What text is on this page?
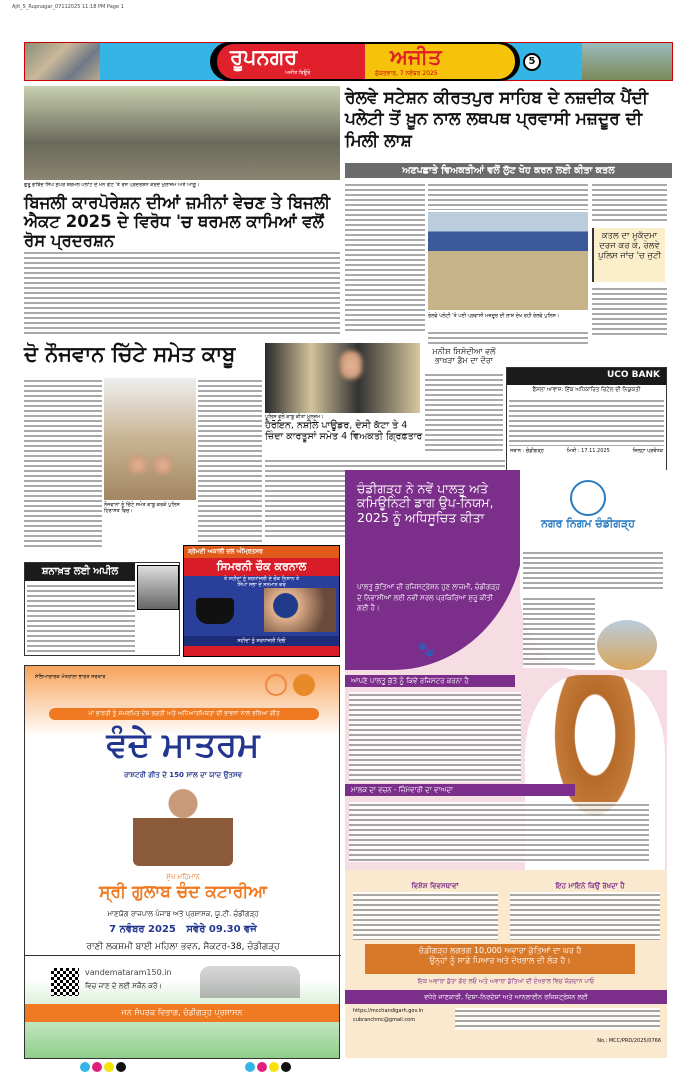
Ajit_5_Rupnagar_07112025 11:18 PM Page 1
ਰੂਪਨਗਰ
ਅਜੀਤ ਬਿਊਰੋ
ਅਜੀਤ
ਸ਼ੁੱਕਰਵਾਰ, 7 ਨਵੰਬਰ 2025
5
ਗੁਰੂ ਗੋਬਿੰਦ ਸਿੰਘ ਸੁਪਰ ਥਰਮਲ ਪਲਾਂਟ ਦੇ ਮੇਨ ਗੇਟ 'ਤੇ ਰੋਸ ਪ੍ਰਦਰਸ਼ਨ ਕਰਦੇ ਮੁਲਾਜ਼ਮ ਅਤੇ ਆਗੂ।
ਬਿਜਲੀ ਕਾਰਪੋਰੇਸ਼ਨ ਦੀਆਂ ਜ਼ਮੀਨਾਂ ਵੇਚਣ ਤੇ ਬਿਜਲੀ ਐਕਟ 2025 ਦੇ ਵਿਰੋਧ 'ਚ ਥਰਮਲ ਕਾਮਿਆਂ ਵਲੋਂ ਰੋਸ ਪ੍ਰਦਰਸ਼ਨ
ਰੇਲਵੇ ਸਟੇਸ਼ਨ ਕੀਰਤਪੁਰ ਸਾਹਿਬ ਦੇ ਨਜ਼ਦੀਕ ਪੈਂਦੀ ਪਲੇਟੀ ਤੋਂ ਖ਼ੂਨ ਨਾਲ ਲਥਪਥ ਪ੍ਰਵਾਸੀ ਮਜ਼ਦੂਰ ਦੀ ਮਿਲੀ ਲਾਸ਼
ਅਣਪਛਾਤੇ ਵਿਅਕਤੀਆਂ ਵਲੋਂ ਲੁੱਟ ਖੋਹ ਕਰਨ ਲਈ ਕੀਤਾ ਕਤਲ
ਰੇਲਵੇ ਪਲੇਟੀ 'ਤੇ ਪਈ ਪ੍ਰਵਾਸੀ ਮਜ਼ਦੂਰ ਦੀ ਲਾਸ਼ ਦੇਖ ਰਹੀ ਰੇਲਵੇ ਪੁਲਿਸ।
ਕਤਲ ਦਾ ਮੁਕੱਦਮਾ ਦਰਜ ਕਰ ਕੇ, ਰੇਲਵੇ ਪੁਲਿਸ ਜਾਂਚ 'ਚ ਜੁਟੀ
ਦੋ ਨੌਜਵਾਨ ਚਿੱਟੇ ਸਮੇਤ ਕਾਬੂ
ਨੌਜਵਾਨਾਂ ਨੂੰ ਚਿੱਟੇ ਸਮੇਤ ਕਾਬੂ ਕਰਕੇ ਪੁਲਿਸ ਹਿਰਾਸਤ ਵਿਚ।
ਪੁਲਿਸ ਵਲੋਂ ਕਾਬੂ ਕੀਤਾ ਮੁਲਜ਼ਮ।
ਹੈਰੋਇਨ, ਨਸ਼ੀਲੇ ਪਾਊਡਰ, ਦੇਸੀ ਕੱਟਾ ਤੇ 4 ਜ਼ਿੰਦਾ ਕਾਰਤੂਸਾਂ ਸਮੇਤ 4 ਵਿਅਕਤੀ ਗ੍ਰਿਫ਼ਤਾਰ
ਮਨੀਸ਼ ਸਿਸੋਦੀਆ ਵਲੋਂ ਭਾਖੜਾ ਡੈਮ ਦਾ ਦੌਰਾ
UCO BANK
ਫੈਸਲਾ ਆਵਾਜ਼: ਇੱਕ ਅਧਿਕਾਰਿਤ ਰਿਟੇਲ ਦੀ ਨਿਯੁਕਤੀ
ਸਥਾਨ : ਚੰਡੀਗੜ੍ਹ	ਮਿਤੀ : 17.11.2025	ਜ਼ਿਲ੍ਹਾ ਪ੍ਰਬੰਧਕ
ਸ਼ਨਾਖ਼ਤ ਲਈ ਅਪੀਲ
ਸ਼੍ਰੋਮਣੀ ਅਕਾਲੀ ਦਲ ਅੰਮ੍ਰਿਤਸਰ
ਸਿਮਰਨੀ ਚੌਕ ਕਰਨਾਲ
ਤੇ ਸ਼ਹੀਦਾਂ ਨੂੰ ਸ਼ਰਧਾਂਜਲੀ ਦੇ ਚੌਕ ਨਿਸ਼ਾਨ ਤੇ
ਸਿੰਘਾਂ ਸਭਾ ਦੇ ਸਨਮਾਨ ਕਰੋ
ਸ਼ਹੀਦਾਂ ਨੂੰ ਸ਼ਰਧਾਂਜਲੀ ਦਿਓ
ਸੱਭਿਆਚਾਰਕ ਮੰਤਰਾਲਾ ਭਾਰਤ ਸਰਕਾਰ
ਮਾਂ ਭਾਰਤੀ ਨੂੰ ਸਮਰਪਿਤ ਦੇਸ਼ ਭਗਤੀ ਅਤੇ ਅਧਿਆਤਮਿਕਤਾ ਦੀ ਭਾਵਨਾ ਨਾਲ ਭਰਿਆ ਗੀਤ
ਵੰਦੇ ਮਾਤਰਮ
ਰਾਸ਼ਟਰੀ ਗੀਤ ਦੇ 150 ਸਾਲ ਦਾ ਯਾਦ ਉਤਸਵ
ਮੁੱਖ ਮਹਿਮਾਨ
ਸ੍ਰੀ ਗੁਲਾਬ ਚੰਦ ਕਟਾਰੀਆ
ਮਾਣਯੋਗ ਰਾਜਪਾਲ ਪੰਜਾਬ ਅਤੇ ਪ੍ਰਸ਼ਾਸਕ, ਯੂ.ਟੀ. ਚੰਡੀਗੜ੍ਹ
7 ਨਵੰਬਰ 2025   ਸਵੇਰੇ 09.30 ਵਜੇ
ਰਾਣੀ ਲਕਸ਼ਮੀ ਬਾਈ ਮਹਿਲਾ ਭਵਨ, ਸੈਕਟਰ-38, ਚੰਡੀਗੜ੍ਹ
vandemataram150.in
ਵਿਚ ਜਾਣ ਦੇ ਲਈ ਸਕੈਨ ਕਰੋ।
ਜਨ ਸੰਪਰਕ ਵਿਭਾਗ, ਚੰਡੀਗੜ੍ਹ ਪ੍ਰਸ਼ਾਸਨ
ਚੰਡੀਗੜ੍ਹ ਨੇ ਨਵੇਂ ਪਾਲਤੂ ਅਤੇ ਕਮਿਊਨਿਟੀ ਡਾਗ ਉਪ-ਨਿਯਮ, 2025 ਨੂੰ ਅਧਿਸੂਚਿਤ ਕੀਤਾ
ਪਾਲਤੂ ਕੁੱਤਿਆਂ ਦੀ ਰਜਿਸਟ੍ਰੇਸ਼ਨ ਹੁਣ ਲਾਜ਼ਮੀ, ਚੰਡੀਗੜ੍ਹ ਦੇ ਨਿਵਾਸੀਆਂ ਲਈ ਨਵੀਂ ਸਰਲ ਪ੍ਰਕਿਰਿਆ ਸ਼ੁਰੂ ਕੀਤੀ ਗਈ ਹੈ।
ਨਗਰ ਨਿਗਮ ਚੰਡੀਗੜ੍ਹ
🐾
ਆਪਣੇ ਪਾਲਤੂ ਕੁੱਤੇ ਨੂੰ ਕਿਵੇਂ ਰਜਿਸਟਰ ਕਰਨਾ ਹੈ
ਮਾਲਕ ਦਾ ਵਚਨ - ਜ਼ਿੰਮੇਵਾਰੀ ਦਾ ਵਾਅਦਾ
ਵਿਸ਼ੇਸ਼ ਵਿਵਸਥਾਵਾਂ	ਇਹ ਮਾਇਨੇ ਕਿਉਂ ਰੱਖਦਾ ਹੈ
ਚੰਡੀਗੜ੍ਹ ਲਗਭਗ 10,000 ਅਵਾਰਾ ਕੁੱਤਿਆਂ ਦਾ ਘਰ ਹੈ
ਉਨ੍ਹਾਂ ਨੂੰ ਸਾਡੇ ਪਿਆਰ ਅਤੇ ਦੇਖਭਾਲ ਦੀ ਲੋੜ ਹੈ।
ਇਕ ਅਵਾਰਾ ਕੁੱਤਾ ਗੋਦ ਲਓ ਅਤੇ ਅਵਾਰਾ ਕੁੱਤਿਆਂ ਦੀ ਦੇਖਭਾਲ ਵਿਚ ਯੋਗਦਾਨ ਪਾਓ
ਵਧੇਰੇ ਜਾਣਕਾਰੀ, ਦਿਸ਼ਾ-ਨਿਰਦੇਸ਼ਾਂ ਅਤੇ ਆਨਲਾਈਨ ਰਜਿਸਟ੍ਰੇਸ਼ਨ ਲਈ
https://mcchandigarh.gov.in
cubranchmc@gmail.com
No.: MCC/PRD/2025/0766
